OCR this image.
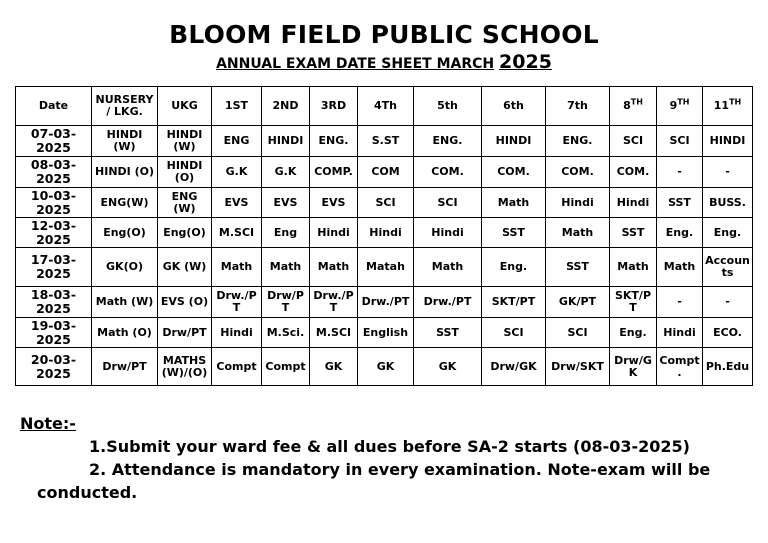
BLOOM FIELD PUBLIC SCHOOL
ANNUAL EXAM DATE SHEET MARCH 2025
Date	NURSERY/ LKG.	UKG	1ST	2ND	3RD	4Th	5th	6th	7th	8TH	9TH	11TH
07-03-2025	HINDI (W)	HINDI (W)	ENG	HINDI	ENG.	S.ST	ENG.	HINDI	ENG.	SCI	SCI	HINDI
08-03-2025	HINDI (O)	HINDI (O)	G.K	G.K	COMP.	COM	COM.	COM.	COM.	COM.	-	-
10-03-2025	ENG(W)	ENG (W)	EVS	EVS	EVS	SCI	SCI	Math	Hindi	Hindi	SST	BUSS.
12-03-2025	Eng(O)	Eng(O)	M.SCI	Eng	Hindi	Hindi	Hindi	SST	Math	SST	Eng.	Eng.
17-03-2025	GK(O)	GK (W)	Math	Math	Math	Matah	Math	Eng.	SST	Math	Math	Accounts
18-03-2025	Math (W)	EVS (O)	Drw./PT	Drw/PT	Drw./PT	Drw./PT	Drw./PT	SKT/PT	GK/PT	SKT/PT	-	-
19-03-2025	Math (O)	Drw/PT	Hindi	M.Sci.	M.SCI	English	SST	SCI	SCI	Eng.	Hindi	ECO.
20-03-2025	Drw/PT	MATHS (W)/(O)	Compt	Compt	GK	GK	GK	Drw/GK	Drw/SKT	Drw/GK	Compt.	Ph.Edu
Note:-
1.Submit your ward fee & all dues before SA-2 starts (08-03-2025)
2. Attendance is mandatory in every examination. Note-exam will be
conducted.
